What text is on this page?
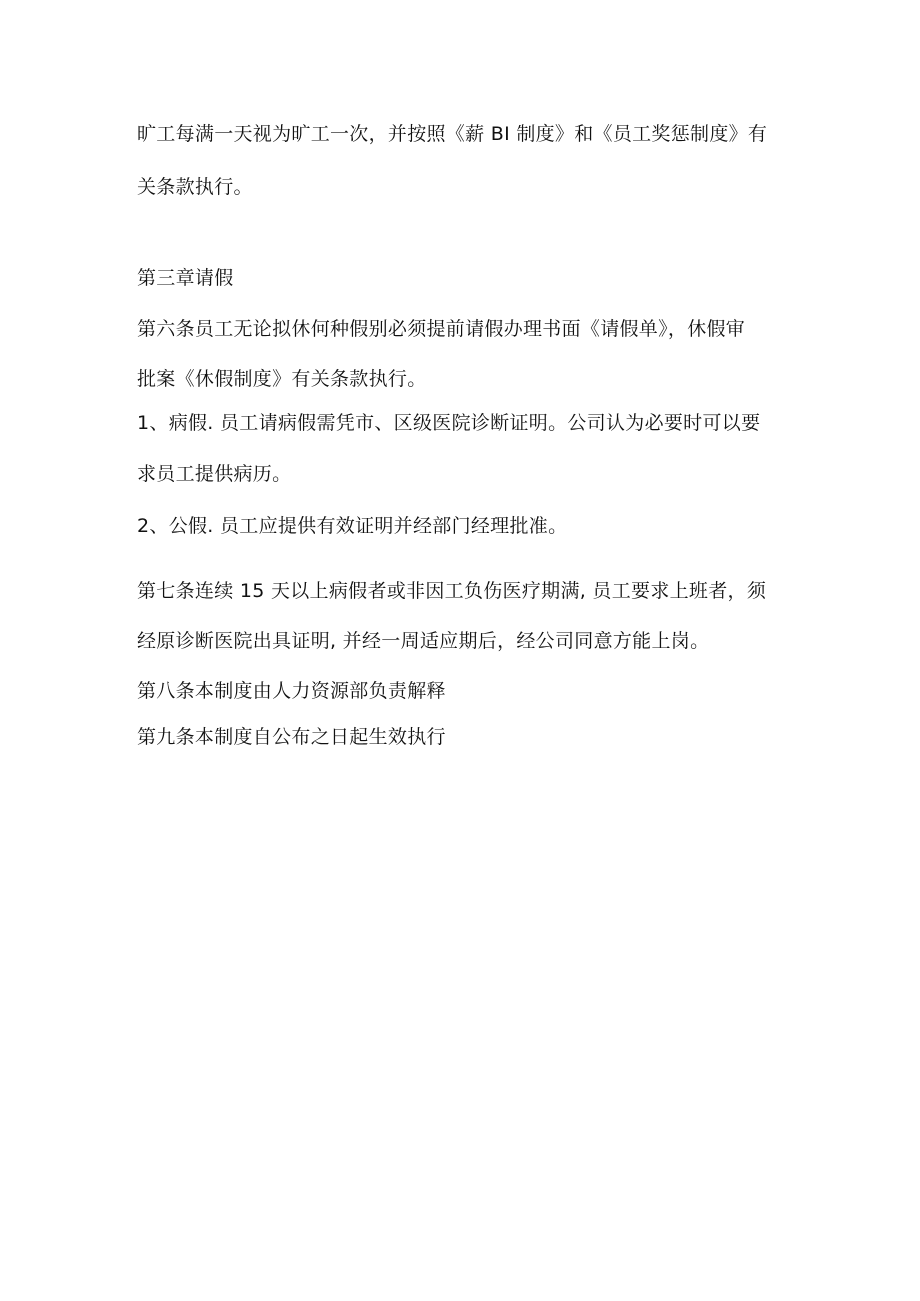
旷工每满一天视为旷工一次，并按照《薪 BI 制度》和《员工奖惩制度》有
关条款执行。
第三章请假
第六条员工无论拟休何种假别必须提前请假办理书面《请假单》，休假审
批案《休假制度》有关条款执行。
1、病假. 员工请病假需凭市、区级医院诊断证明。公司认为必要时可以要
求员工提供病历。
2、公假. 员工应提供有效证明并经部门经理批准。
第七条连续 15 天以上病假者或非因工负伤医疗期满, 员工要求上班者，须
经原诊断医院出具证明, 并经一周适应期后，经公司同意方能上岗。
第八条本制度由人力资源部负责解释
第九条本制度自公布之日起生效执行
